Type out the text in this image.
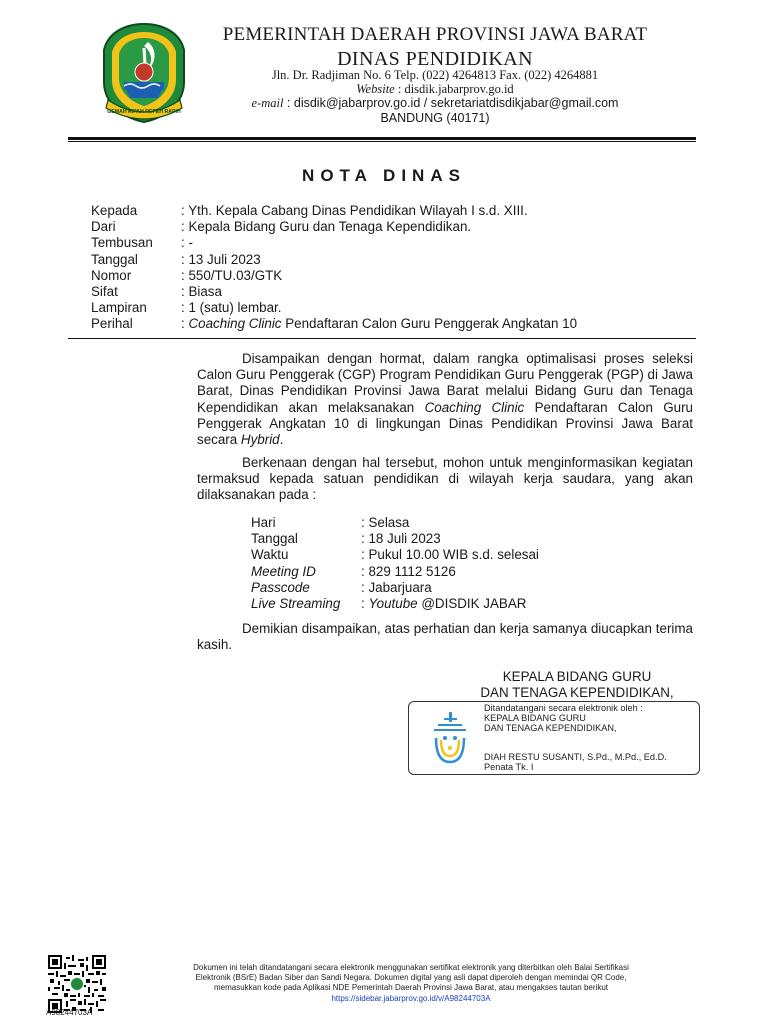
GEMAH RIPAH REPEH RAPIH
PEMERINTAH DAERAH PROVINSI JAWA BARAT
DINAS PENDIDIKAN
Jln. Dr. Radjiman No. 6 Telp. (022) 4264813 Fax. (022) 4264881
Website : disdik.jabarprov.go.id
e-mail : disdik@jabarprov.go.id / sekretariatdisdikjabar@gmail.com
BANDUNG (40171)
NOTA DINAS
Kepada	: Yth. Kepala Cabang Dinas Pendidikan Wilayah I s.d. XIII.
Dari	: Kepala Bidang Guru dan Tenaga Kependidikan.
Tembusan	: -
Tanggal	: 13 Juli 2023
Nomor	: 550/TU.03/GTK
Sifat	: Biasa
Lampiran	: 1 (satu) lembar.
Perihal	: Coaching Clinic Pendaftaran Calon Guru Penggerak Angkatan 10
Disampaikan dengan hormat, dalam rangka optimalisasi proses seleksi Calon Guru Penggerak (CGP) Program Pendidikan Guru Penggerak (PGP) di Jawa Barat, Dinas Pendidikan Provinsi Jawa Barat melalui Bidang Guru dan Tenaga Kependidikan akan melaksanakan Coaching Clinic Pendaftaran Calon Guru Penggerak Angkatan 10 di lingkungan Dinas Pendidikan Provinsi Jawa Barat secara Hybrid.
Berkenaan dengan hal tersebut, mohon untuk menginformasikan kegiatan termaksud kepada satuan pendidikan di wilayah kerja saudara, yang akan dilaksanakan pada :
Hari	: Selasa
Tanggal	: 18 Juli 2023
Waktu	: Pukul 10.00 WIB s.d. selesai
Meeting ID	: 829 1112 5126
Passcode	: Jabarjuara
Live Streaming	: Youtube @DISDIK JABAR
Demikian disampaikan, atas perhatian dan kerja samanya diucapkan terima kasih.
KEPALA BIDANG GURU
DAN TENAGA KEPENDIDIKAN,
Ditandatangani secara elektronik oleh :
KEPALA BIDANG GURU
DAN TENAGA KEPENDIDIKAN,
DIAH RESTU SUSANTI, S.Pd., M.Pd., Ed.D.
Penata Tk. I
A98244703A
Dokumen ini telah ditandatangani secara elektronik menggunakan sertifikat elektronik yang diterbitkan oleh Balai Sertifikasi
Elektronik (BSrE) Badan Siber dan Sandi Negara. Dokumen digital yang asli dapat diperoleh dengan memindai QR Code,
memasukkan kode pada Aplikasi NDE Pemerintah Daerah Provinsi Jawa Barat, atau mengakses tautan berikut
https://sidebar.jabarprov.go.id/v/A98244703A
